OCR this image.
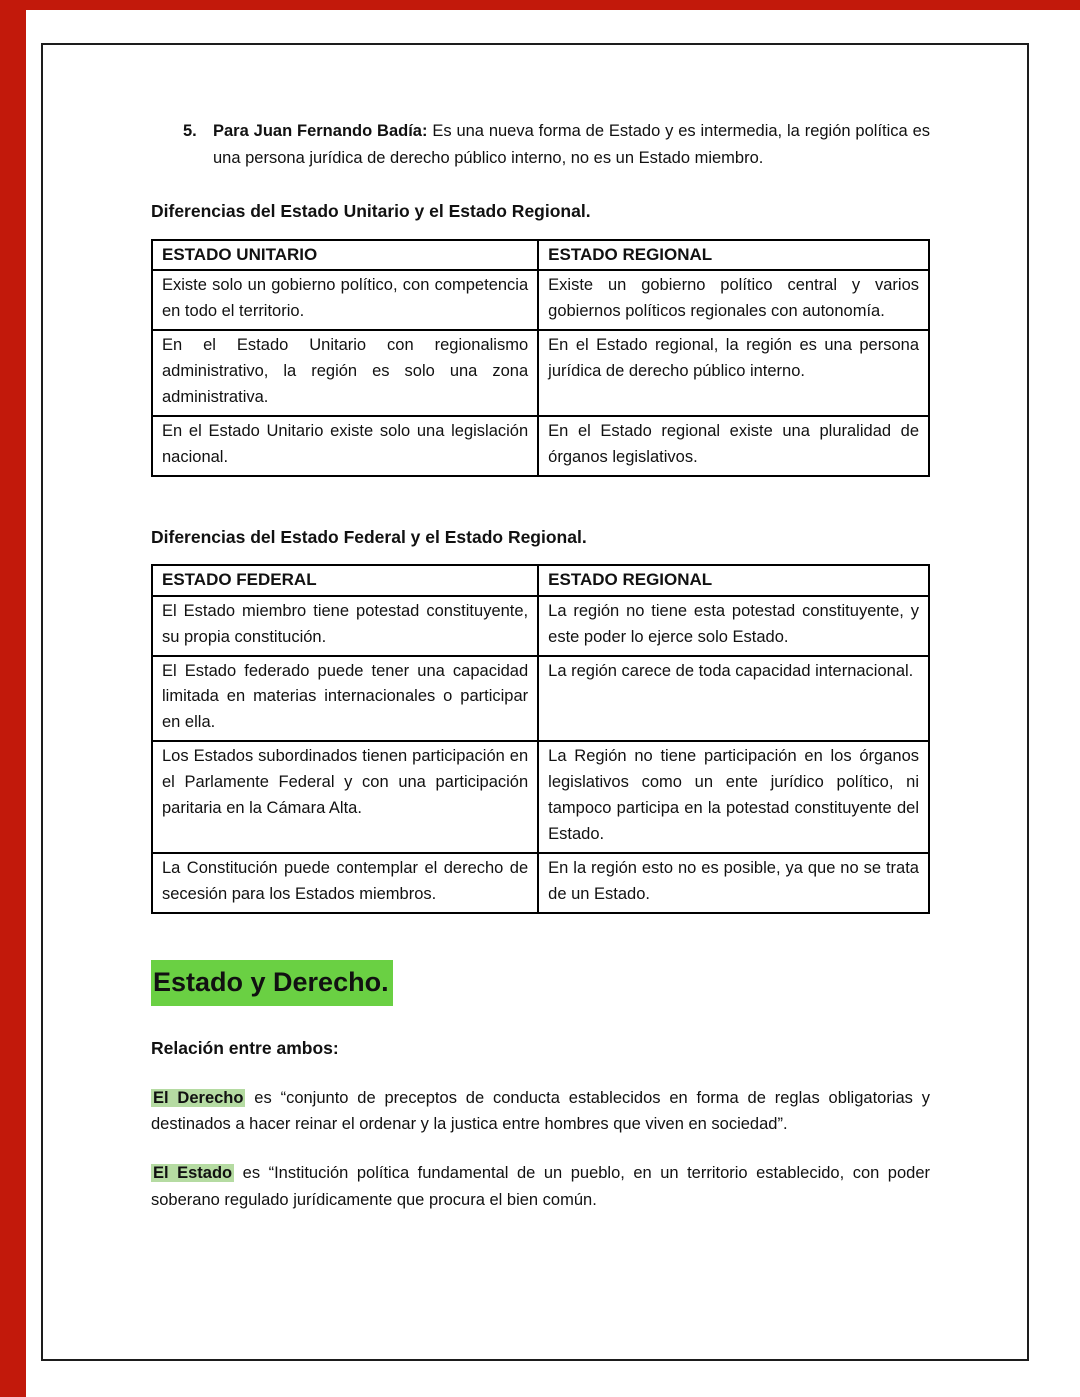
5. Para Juan Fernando Badía: Es una nueva forma de Estado y es intermedia, la región política es una persona jurídica de derecho público interno, no es un Estado miembro.
Diferencias del Estado Unitario y el Estado Regional.
ESTADO UNITARIO	ESTADO REGIONAL
Existe solo un gobierno político, con competencia en todo el territorio.	Existe un gobierno político central y varios gobiernos políticos regionales con autonomía.
En el Estado Unitario con regionalismo administrativo, la región es solo una zona administrativa.	En el Estado regional, la región es una persona jurídica de derecho público interno.
En el Estado Unitario existe solo una legislación nacional.	En el Estado regional existe una pluralidad de órganos legislativos.
Diferencias del Estado Federal y el Estado Regional.
ESTADO FEDERAL	ESTADO REGIONAL
El Estado miembro tiene potestad constituyente, su propia constitución.	La región no tiene esta potestad constituyente, y este poder lo ejerce solo Estado.
El Estado federado puede tener una capacidad limitada en materias internacionales o participar en ella.	La región carece de toda capacidad internacional.
Los Estados subordinados tienen participación en el Parlamente Federal y con una participación paritaria en la Cámara Alta.	La Región no tiene participación en los órganos legislativos como un ente jurídico político, ni tampoco participa en la potestad constituyente del Estado.
La Constitución puede contemplar el derecho de secesión para los Estados miembros.	En la región esto no es posible, ya que no se trata de un Estado.
Estado y Derecho.
Relación entre ambos:

El Derecho es “conjunto de preceptos de conducta establecidos en forma de reglas obligatorias y destinados a hacer reinar el ordenar y la justica entre hombres que viven en sociedad”.

El Estado es “Institución política fundamental de un pueblo, en un territorio establecido, con poder soberano regulado jurídicamente que procura el bien común.
